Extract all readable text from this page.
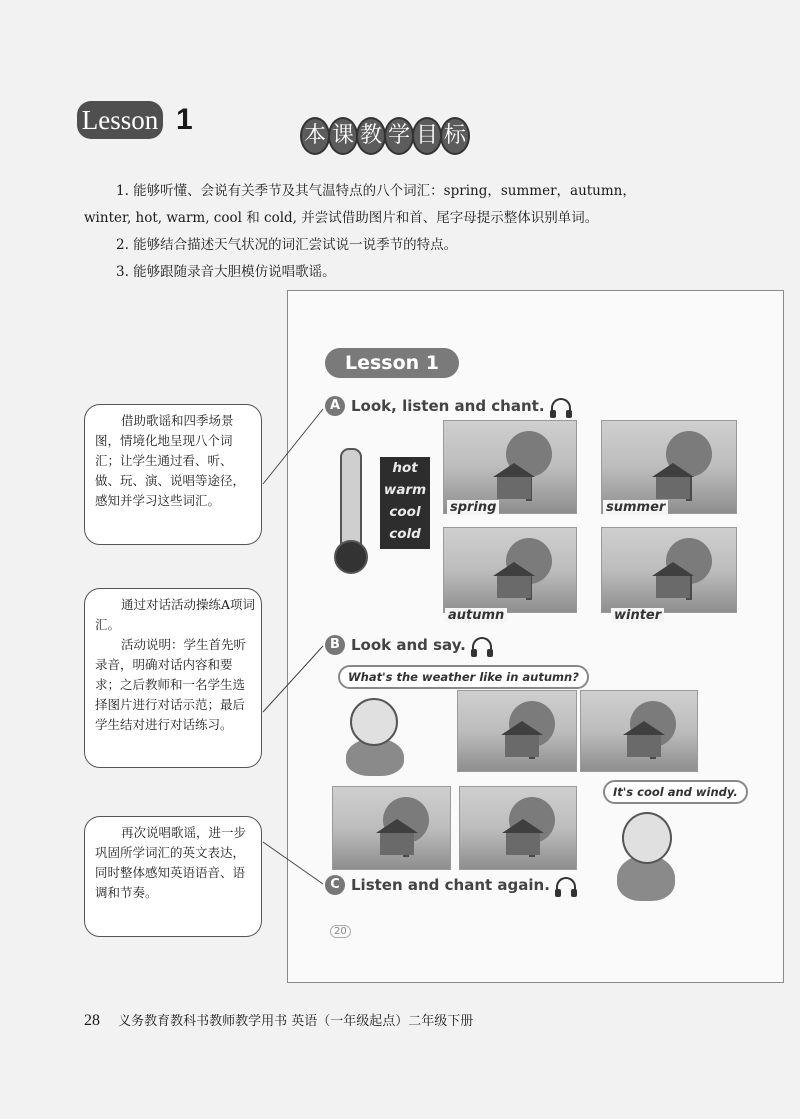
Lesson 1	本 课 教 学 目 标

1. 能够听懂、会说有关季节及其气温特点的八个词汇：spring，summer，autumn，

winter, hot, warm, cool 和 cold, 并尝试借助图片和首、尾字母提示整体识别单词。

2. 能够结合描述天气状况的词汇尝试说一说季节的特点。

3. 能够跟随录音大胆模仿说唱歌谣。

Lesson 1
A Look, listen and chant.
hot
warm
cool
cold
spring	summer
autumn	winter
B Look and say.
What's the weather like in autumn?
It's cool and windy.
C Listen and chant again.
20

借助歌谣和四季场景图，情境化地呈现八个词汇；让学生通过看、听、做、玩、演、说唱等途径，感知并学习这些词汇。

通过对话活动操练A项词汇。

活动说明：学生首先听录音，明确对话内容和要求；之后教师和一名学生选择图片进行对话示范；最后学生结对进行对话练习。

再次说唱歌谣，进一步巩固所学词汇的英文表达，同时整体感知英语语音、语调和节奏。

28 义务教育教科书教师教学用书 英语（一年级起点）二年级下册
